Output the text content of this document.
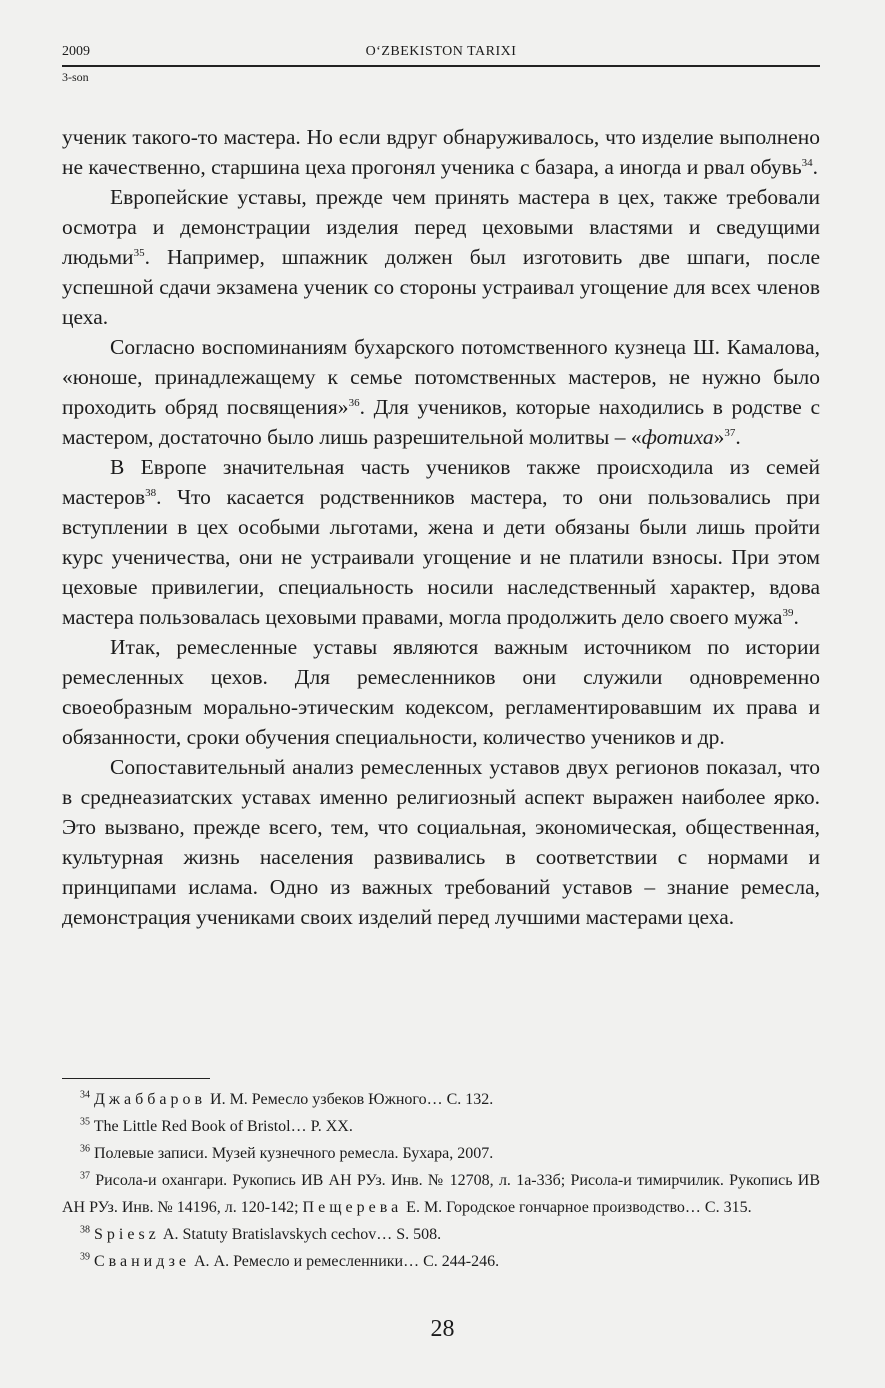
2009	O‘ZBEKISTON TARIXI
3-son

ученик такого-то мастера. Но если вдруг обнаруживалось, что изделие выполнено не качественно, старшина цеха прогонял ученика с базара, а иногда и рвал обувь$^{34}$.

Европейские уставы, прежде чем принять мастера в цех, также требовали осмотра и демонстрации изделия перед цеховыми властями и сведущими людьми$^{35}$. Например, шпажник должен был изготовить две шпаги, после успешной сдачи экзамена ученик со стороны устраивал угощение для всех членов цеха.

Согласно воспоминаниям бухарского потомственного кузнеца Ш. Камалова, «юноше, принадлежащему к семье потомственных мастеров, не нужно было проходить обряд посвящения»$^{36}$. Для учеников, которые находились в родстве с мастером, достаточно было лишь разрешительной молитвы – «фотиха»$^{37}$.

В Европе значительная часть учеников также происходила из семей мастеров$^{38}$. Что касается родственников мастера, то они пользовались при вступлении в цех особыми льготами, жена и дети обязаны были лишь пройти курс ученичества, они не устраивали угощение и не платили взносы. При этом цеховые привилегии, специальность носили наследственный характер, вдова мастера пользовалась цеховыми правами, могла продолжить дело своего мужа$^{39}$.

Итак, ремесленные уставы являются важным источником по истории ремесленных цехов. Для ремесленников они служили одновременно своеобразным морально-этическим кодексом, регламентировавшим их права и обязанности, сроки обучения специальности, количество учеников и др.

Сопоставительный анализ ремесленных уставов двух регионов показал, что в среднеазиатских уставах именно религиозный аспект выражен наиболее ярко. Это вызвано, прежде всего, тем, что социальная, экономическая, общественная, культурная жизнь населения развивались в соответствии с нормами и принципами ислама. Одно из важных требований уставов – знание ремесла, демонстрация учениками своих изделий перед лучшими мастерами цеха.

$^{34}$ Джаббаров И. М. Ремесло узбеков Южного… С. 132.

$^{35}$ The Little Red Book of Bristol… P. XX.

$^{36}$ Полевые записи. Музей кузнечного ремесла. Бухара, 2007.

$^{37}$ Рисола-и охангари. Рукопись ИВ АН РУз. Инв. № 12708, л. 1а-33б; Рисола-и тимирчилик. Рукопись ИВ АН РУз. Инв. № 14196, л. 120-142; Пещерева Е. М. Городское гончарное производство… С. 315.

$^{38}$ Spiesz A. Statuty Bratislavskych cechov… S. 508.

$^{39}$ Сванидзе А. А. Ремесло и ремесленники… С. 244-246.

28
